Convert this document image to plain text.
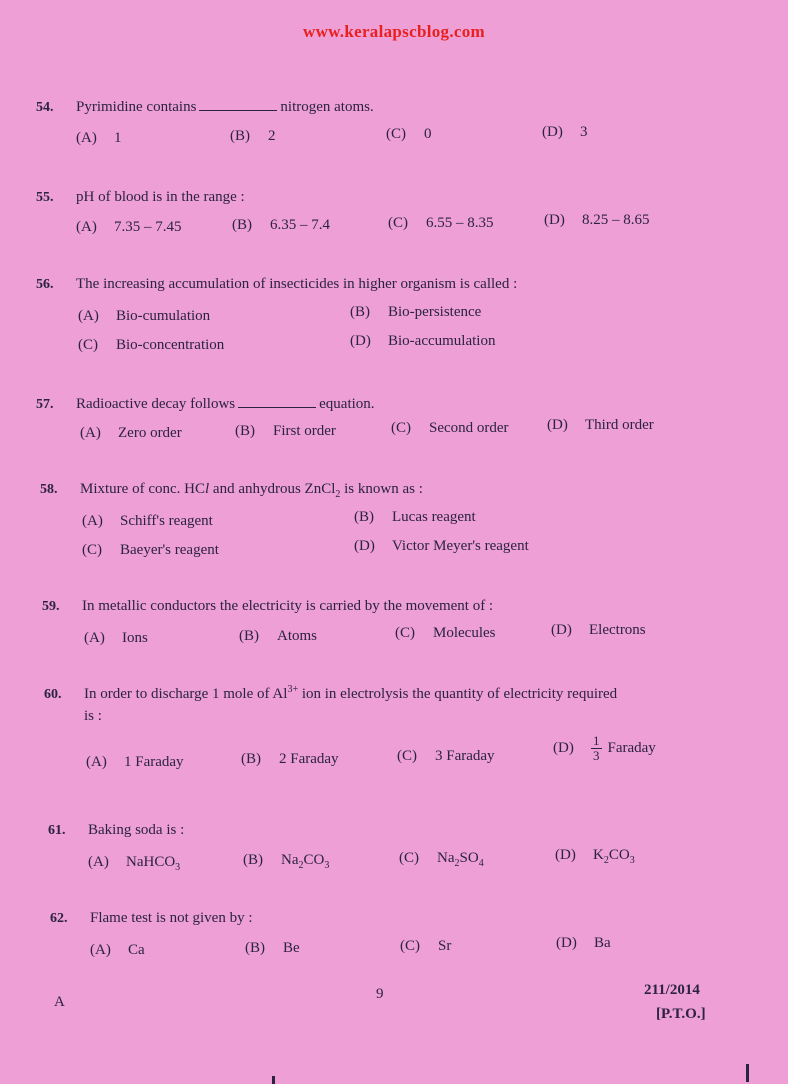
www.keralapscblog.com
54. Pyrimidine contains	nitrogen atoms.
(A) 1	(B) 2	(C) 0	(D) 3
55. pH of blood is in the range :
(A) 7.35 – 7.45	(B) 6.35 – 7.4	(C) 6.55 – 8.35	(D) 8.25 – 8.65
56. The increasing accumulation of insecticides in higher organism is called :
(A) Bio-cumulation	(B) Bio-persistence
(C) Bio-concentration	(D) Bio-accumulation
57. Radioactive decay follows	equation.
(A) Zero order	(B) First order	(C) Second order	(D) Third order
58. Mixture of conc. HCl and anhydrous ZnCl$_2$ is known as :
(A) Schiff's reagent	(B) Lucas reagent
(C) Baeyer's reagent	(D) Victor Meyer's reagent
59. In metallic conductors the electricity is carried by the movement of :
(A) Ions	(B) Atoms	(C) Molecules	(D) Electrons
60. In order to discharge 1 mole of $Al^{3+}$ ion in electrolysis the quantity of electricity required
is :
(A) 1 Faraday	(B) 2 Faraday	(C) 3 Faraday	$(D) \frac{1}{3}$ Faraday
61. Baking soda is :
(A) NaHCO$_3$	(B) $Na_2CO_3$	(C) $Na_2SO_4$
(D) $K_2CO_3$
62. Flame test is not given by :
(A) Ca	(B) Be	(C) Sr	(D) Ba
A	9	211/2014
[P.T.O.]
